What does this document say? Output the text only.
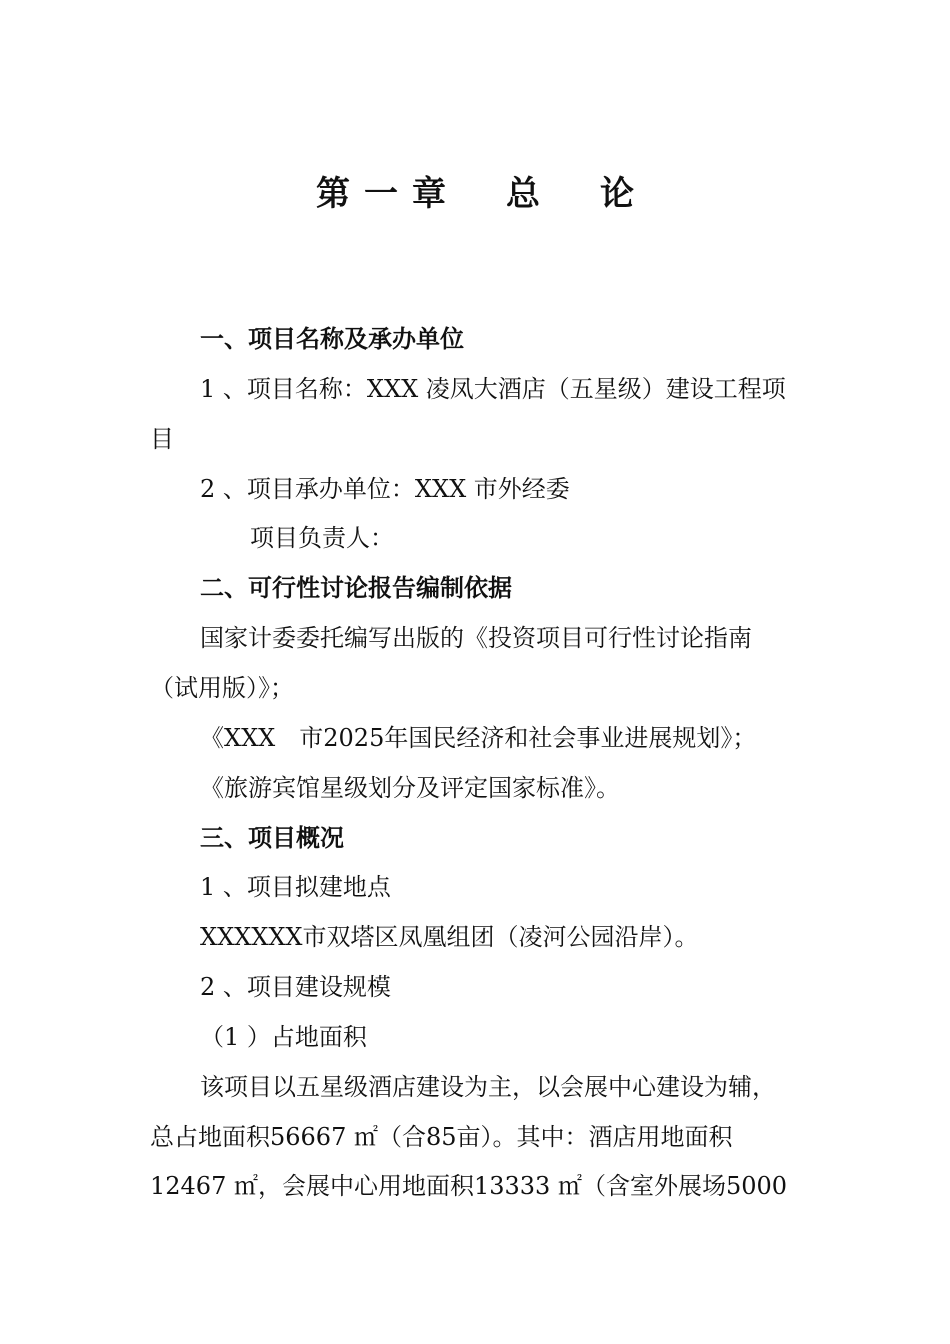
第 一 章 总 论
一、项目名称及承办单位
1 、项目名称：XXX 凌凤大酒店（五星级）建设工程项
目
2 、项目承办单位：XXX 市外经委
项目负责人：
二、可行性讨论报告编制依据
国家计委委托编写出版的《投资项目可行性讨论指南
（试用版）》；
《XXX　市2025年国民经济和社会事业进展规划》；
《旅游宾馆星级划分及评定国家标准》。
三、项目概况
1 、项目拟建地点
XXXXXX市双塔区凤凰组团（凌河公园沿岸）。
2 、项目建设规模
（1 ）占地面积
该项目以五星级酒店建设为主，以会展中心建设为辅，
总占地面积56667 ㎡（合85亩）。其中：酒店用地面积
12467 ㎡，会展中心用地面积13333 ㎡（含室外展场5000
